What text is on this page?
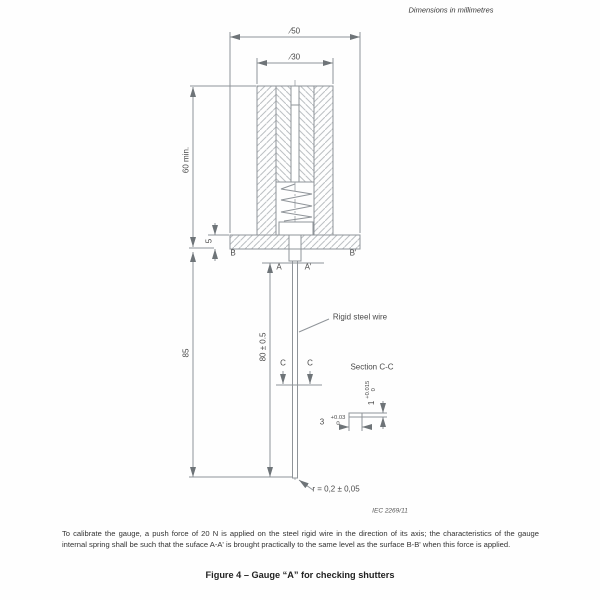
Dimensions in millimetres
∕50
∕30
60 min.
5
85	80 ± 0.5
B	B'
A	A'
C	C
Rigid steel wire
Section C-C
r = 0,2 ± 0,05
IEC 2269/11
3 +0.03
0
1
+0.015 0
To calibrate the gauge, a push force of 20 N is applied on the steel rigid wire in the direction of its axis; the characteristics of the gauge internal spring shall be such that the suface A-A' is brought practically to the same level as the surface B-B' when this force is applied.
Figure 4 – Gauge “A” for checking shutters
